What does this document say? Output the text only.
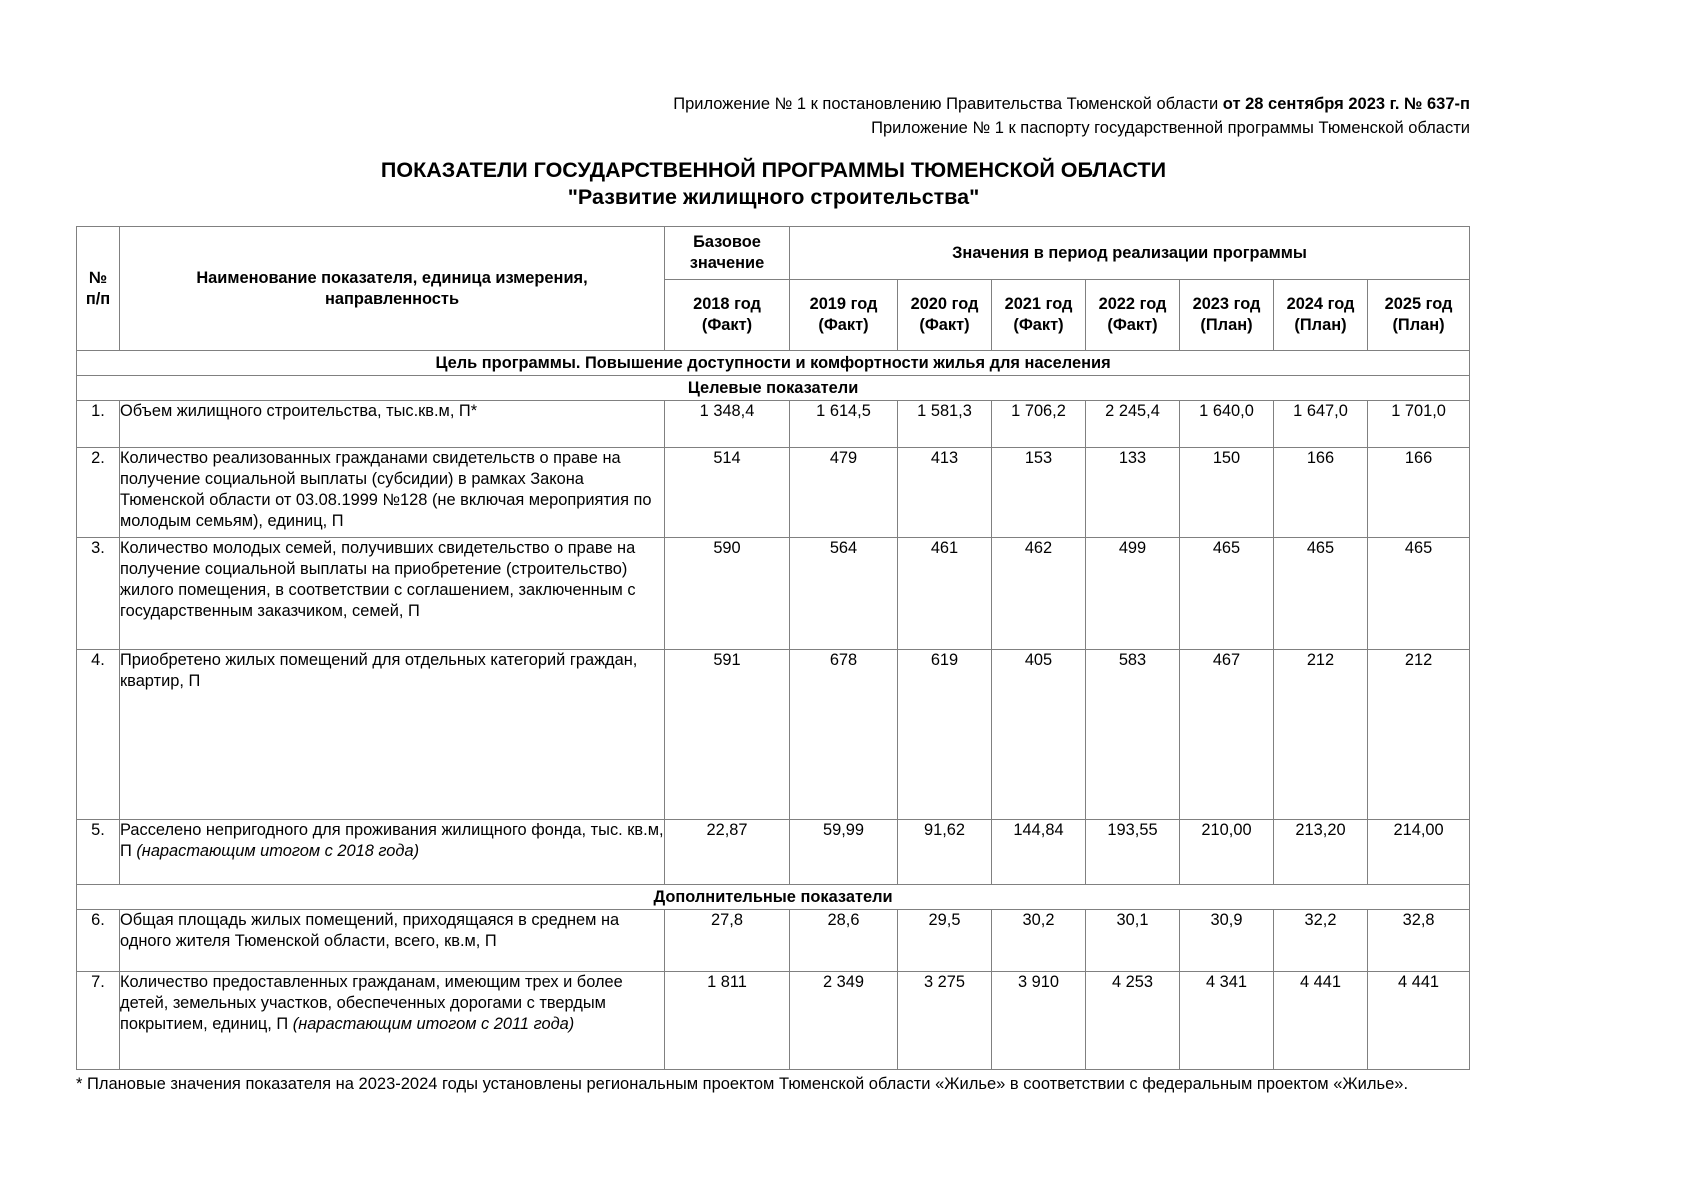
Приложение № 1 к постановлению Правительства Тюменской области от 28 сентября 2023 г. № 637-п
Приложение № 1 к паспорту государственной программы Тюменской области
ПОКАЗАТЕЛИ ГОСУДАРСТВЕННОЙ ПРОГРАММЫ ТЮМЕНСКОЙ ОБЛАСТИ
"Развитие жилищного строительства"
№ п/п	Наименование показателя, единица измерения, направленность	Базовое значение	Значения в период реализации программы						
		2018 год (Факт)	2019 год (Факт)	2020 год (Факт)	2021 год (Факт)	2022 год (Факт)	2023 год (План)	2024 год (План)	2025 год (План)
Цель программы. Повышение доступности и комфортности жилья для населения									
Целевые показатели									
1.	Объем жилищного строительства, тыс.кв.м, П*	1 348,4	1 614,5	1 581,3	1 706,2	2 245,4	1 640,0	1 647,0	1 701,0
2.	Количество реализованных гражданами свидетельств о праве на получение социальной выплаты (субсидии) в рамках Закона Тюменской области от 03.08.1999 №128 (не включая мероприятия по молодым семьям), единиц, П	514	479	413	153	133	150	166	166
3.	Количество молодых семей, получивших свидетельство о праве на получение социальной выплаты на приобретение (строительство) жилого помещения, в соответствии с соглашением, заключенным с государственным заказчиком, семей, П	590	564	461	462	499	465	465	465
4.	Приобретено жилых помещений для отдельных категорий граждан, квартир, П	591	678	619	405	583	467	212	212
5.	Расселено непригодного для проживания жилищного фонда, тыс. кв.м, П (нарастающим итогом с 2018 года)	22,87	59,99	91,62	144,84	193,55	210,00	213,20	214,00
Дополнительные показатели									
6.	Общая площадь жилых помещений, приходящаяся в среднем на одного жителя Тюменской области, всего, кв.м, П	27,8	28,6	29,5	30,2	30,1	30,9	32,2	32,8
7.	Количество предоставленных гражданам, имеющим трех и более детей, земельных участков, обеспеченных дорогами с твердым покрытием, единиц, П (нарастающим итогом с 2011 года)	1 811	2 349	3 275	3 910	4 253	4 341	4 441	4 441
* Плановые значения показателя на 2023-2024 годы установлены региональным проектом Тюменской области «Жилье» в соответствии с федеральным проектом «Жилье».
